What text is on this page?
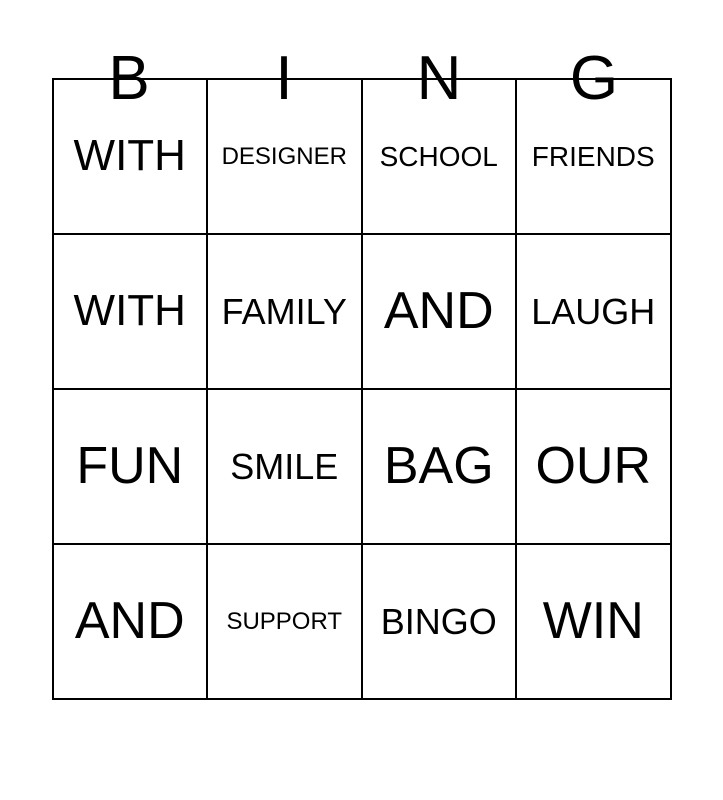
B	I	N	G
WITH DESIGNER SCHOOL FRIENDS
WITH FAMILY AND LAUGH
FUN SMILE BAG OUR
AND SUPPORT BINGO WIN
